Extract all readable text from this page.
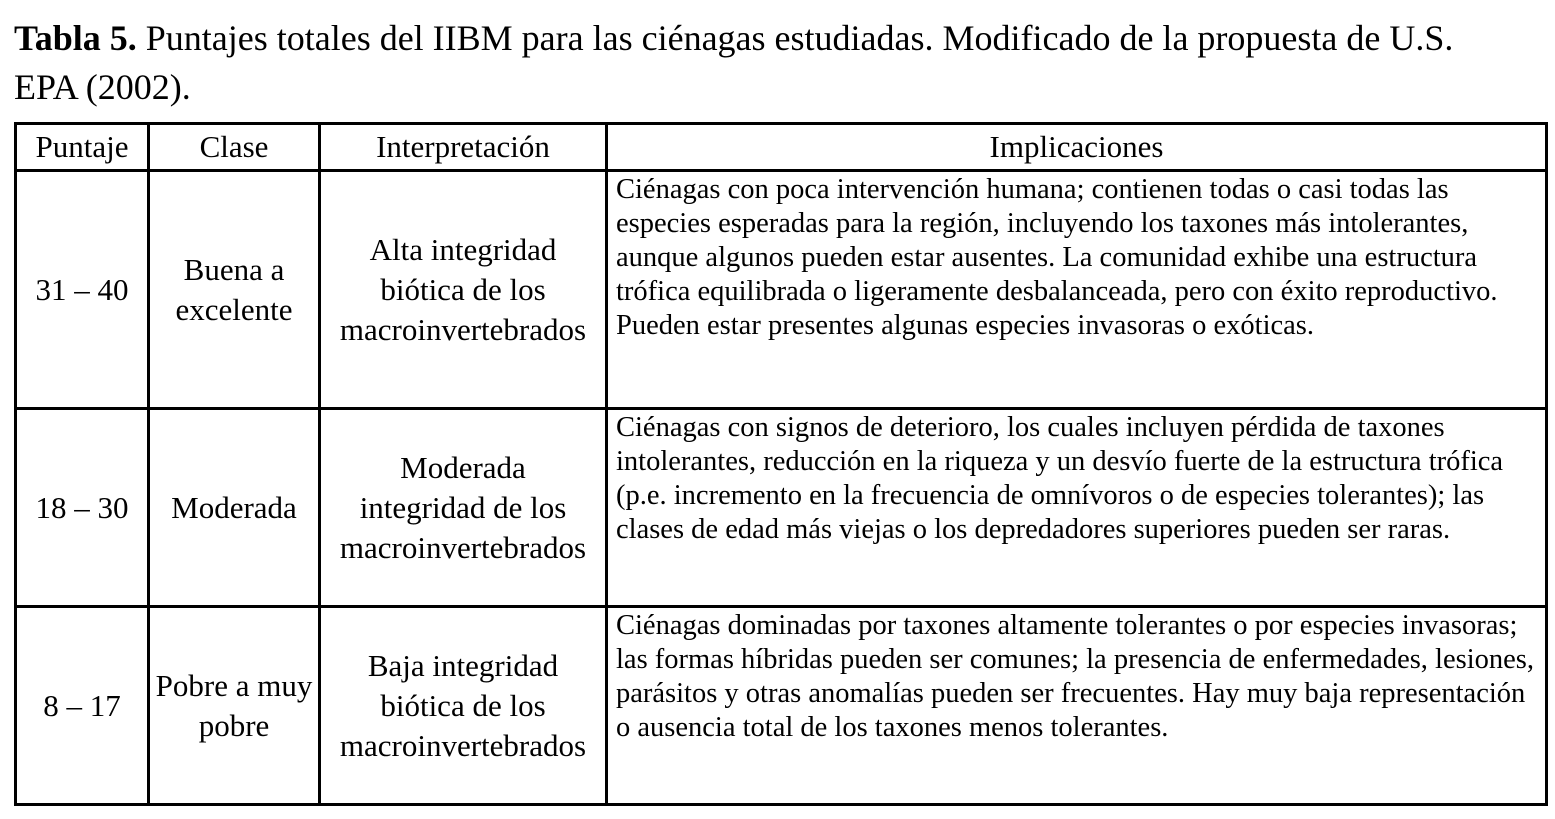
Tabla 5. Puntajes totales del IIBM para las ciénagas estudiadas. Modificado de la propuesta de U.S. EPA (2002).
Puntaje	Clase	Interpretación	Implicaciones
31 – 40	Buena a excelente	Alta integridad biótica de los macroinvertebrados	Ciénagas con poca intervención humana; contienen todas o casi todas las especies esperadas para la región, incluyendo los taxones más intolerantes, aunque algunos pueden estar ausentes. La comunidad exhibe una estructura trófica equilibrada o ligeramente desbalanceada, pero con éxito reproductivo. Pueden estar presentes algunas especies invasoras o exóticas.
18 – 30	Moderada	Moderada integridad de los macroinvertebrados	Ciénagas con signos de deterioro, los cuales incluyen pérdida de taxones intolerantes, reducción en la riqueza y un desvío fuerte de la estructura trófica (p.e. incremento en la frecuencia de omnívoros o de especies tolerantes); las clases de edad más viejas o los depredadores superiores pueden ser raras.
8 – 17	Pobre a muy pobre	Baja integridad biótica de los macroinvertebrados	Ciénagas dominadas por taxones altamente tolerantes o por especies invasoras; las formas híbridas pueden ser comunes; la presencia de enfermedades, lesiones, parásitos y otras anomalías pueden ser frecuentes. Hay muy baja representación o ausencia total de los taxones menos tolerantes.
